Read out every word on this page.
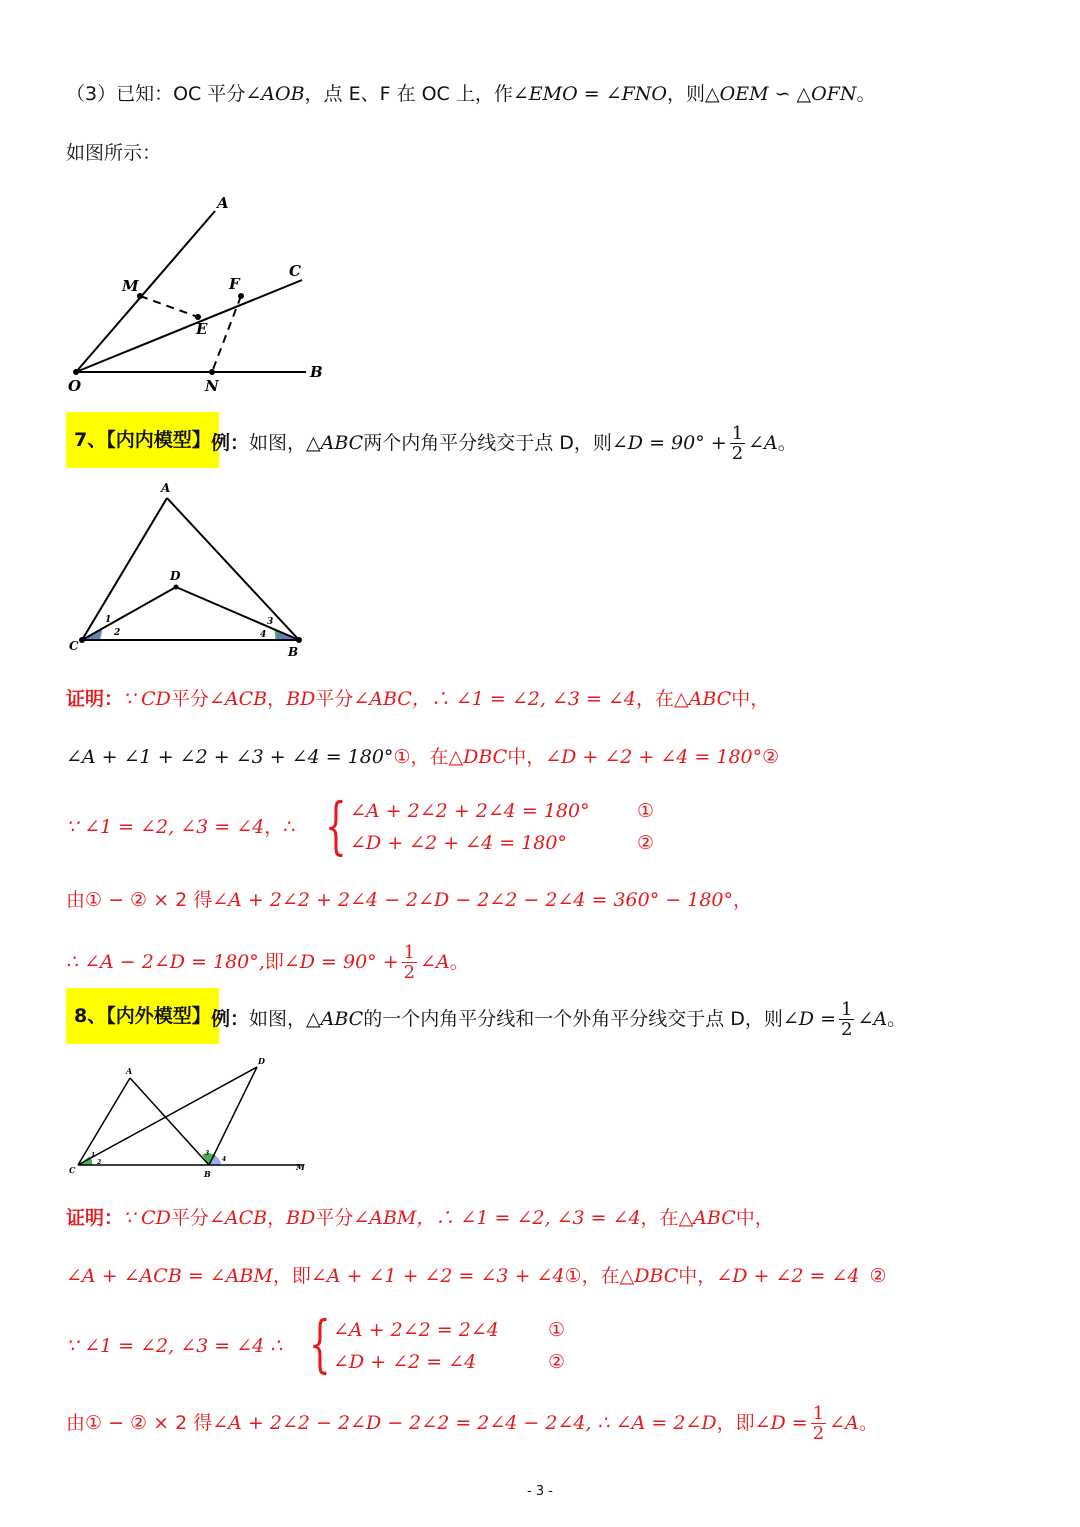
（3）已知：OC 平分∠AOB，点 E、F 在 OC 上，作∠EMO = ∠FNO，则△OEM ∽ △OFN。
如图所示：
A
M	F
C
E
O	N
B
7、【内内模型】 例：如图，△ABC两个内角平分线交于点 D，则∠D = $90^\circ + \frac{1}{2}$ ∠A。
A
D
C	B
1
2
3
4
证明：∵ CD平分∠ACB，BD平分∠ABC，∴ ∠1 = ∠2, ∠3 = ∠4，在△ABC中，
∠A + ∠1 + ∠2 + ∠3 + ∠4 = 180°①，在△DBC中，∠D + ∠2 + ∠4 = 180°②
∵ ∠1 = ∠2, ∠3 = ∠4，∴ { ∠A + 2∠2 + 2∠4 = 180° ①
∠D + ∠2 + ∠4 = 180°	②
由① − ② × 2 得∠A + 2∠2 + 2∠4 − 2∠D − 2∠2 − 2∠4 = 360° − 180°，
∴ ∠A − 2∠D = 180°,即∠D = $90^\circ + \frac{1}{2}$ ∠A。
8、【内外模型】 例：如图，△ABC的一个内角平分线和一个外角平分线交于点 D，则∠D = $\frac{1}{2}$ ∠A。
A
D
C	B
M
1
2
3
4
证明：∵ CD平分∠ACB，BD平分∠ABM，∴ ∠1 = ∠2, ∠3 = ∠4，在△ABC中，
∠A + ∠ACB = ∠ABM，即∠A + ∠1 + ∠2 = ∠3 + ∠4①，在△DBC中，∠D + ∠2 = ∠4 ②
∵ ∠1 = ∠2, ∠3 = ∠4 ∴ { ∠A + 2∠2 = 2∠4	①
∠D + ∠2 = ∠4	②
由① − ② × 2 得∠A + 2∠2 − 2∠D − 2∠2 = 2∠4 − 2∠4, ∴ ∠A = 2∠D，即∠D = $\frac{1}{2}$ ∠A。
- 3 -
